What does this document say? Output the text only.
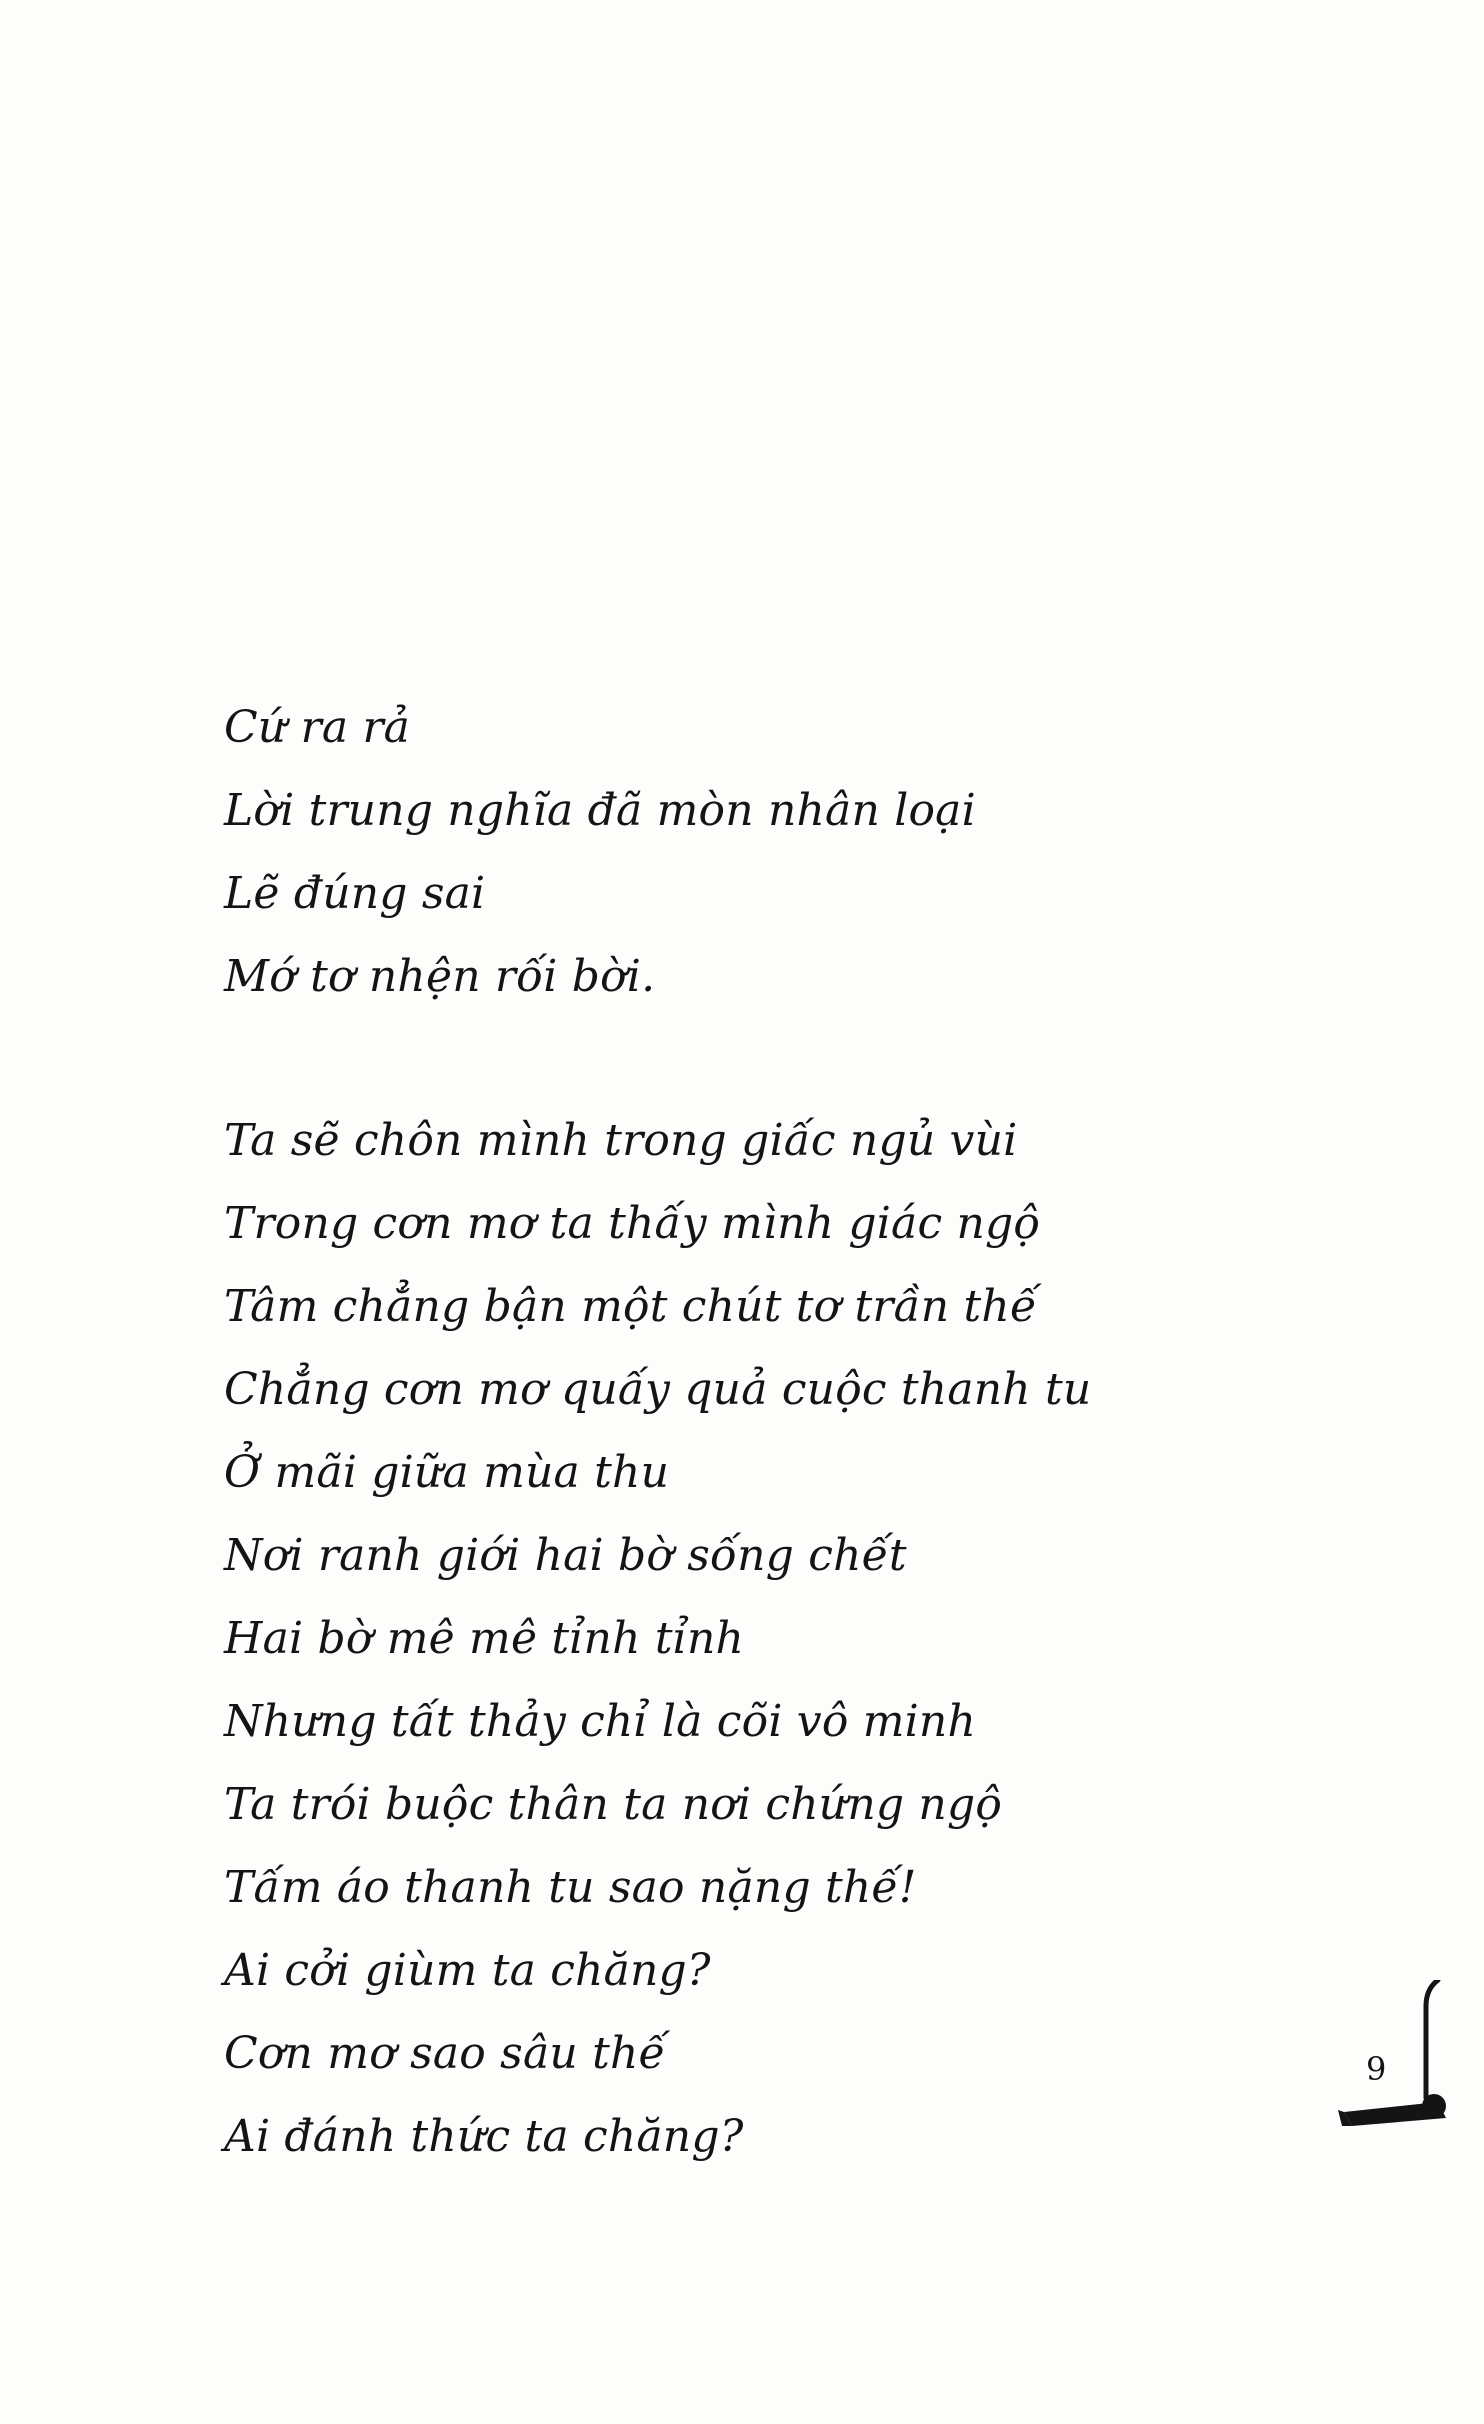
Cứ ra rả
Lời trung nghĩa đã mòn nhân loại
Lẽ đúng sai
Mớ tơ nhện rối bời.
Ta sẽ chôn mình trong giấc ngủ vùi
Trong cơn mơ ta thấy mình giác ngộ
Tâm chẳng bận một chút tơ trần thế
Chẳng cơn mơ quấy quả cuộc thanh tu
Ở mãi giữa mùa thu
Nơi ranh giới hai bờ sống chết
Hai bờ mê mê tỉnh tỉnh
Nhưng tất thảy chỉ là cõi vô minh
Ta trói buộc thân ta nơi chứng ngộ
Tấm áo thanh tu sao nặng thế!
Ai cởi giùm ta chăng?
Cơn mơ sao sâu thế
Ai đánh thức ta chăng?
9
